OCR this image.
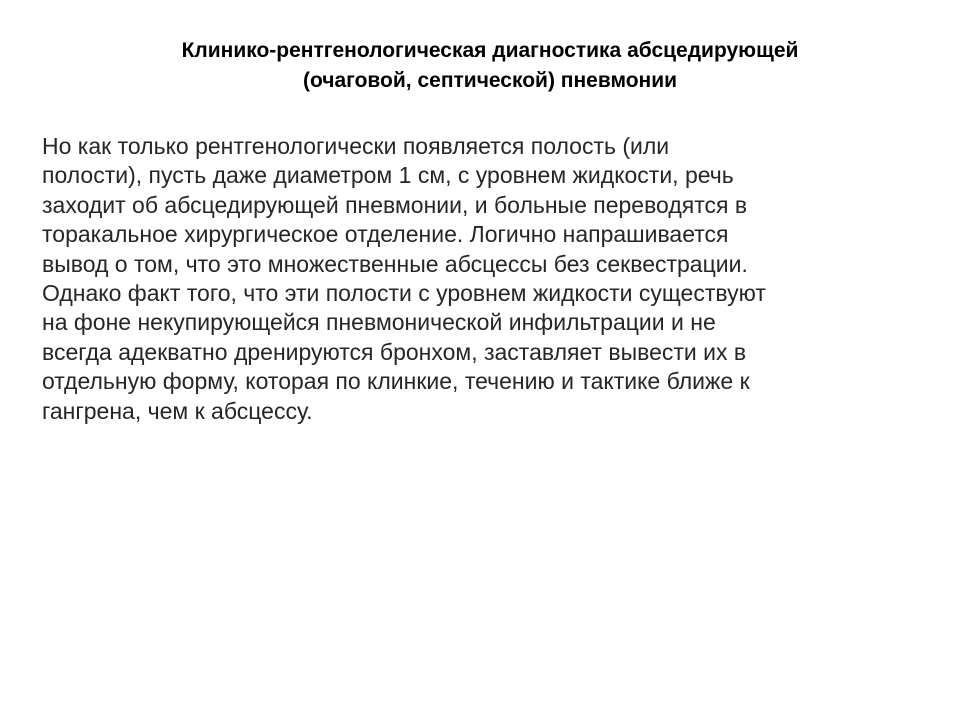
Клинико-рентгенологическая диагностика абсцедирующей
(очаговой, септической) пневмонии
Но как только рентгенологически появляется полость (или
полости), пусть даже диаметром 1 см, с уровнем жидкости, речь
заходит об абсцедирующей пневмонии, и больные переводятся в
торакальное хирургическое отделение. Логично напрашивается
вывод о том, что это множественные абсцессы без секвестрации.
Однако факт того, что эти полости с уровнем жидкости существуют
на фоне некупирующейся пневмонической инфильтрации и не
всегда адекватно дренируются бронхом, заставляет вывести их в
отдельную форму, которая по клинкие, течению и тактике ближе к
гангрена, чем к абсцессу.
